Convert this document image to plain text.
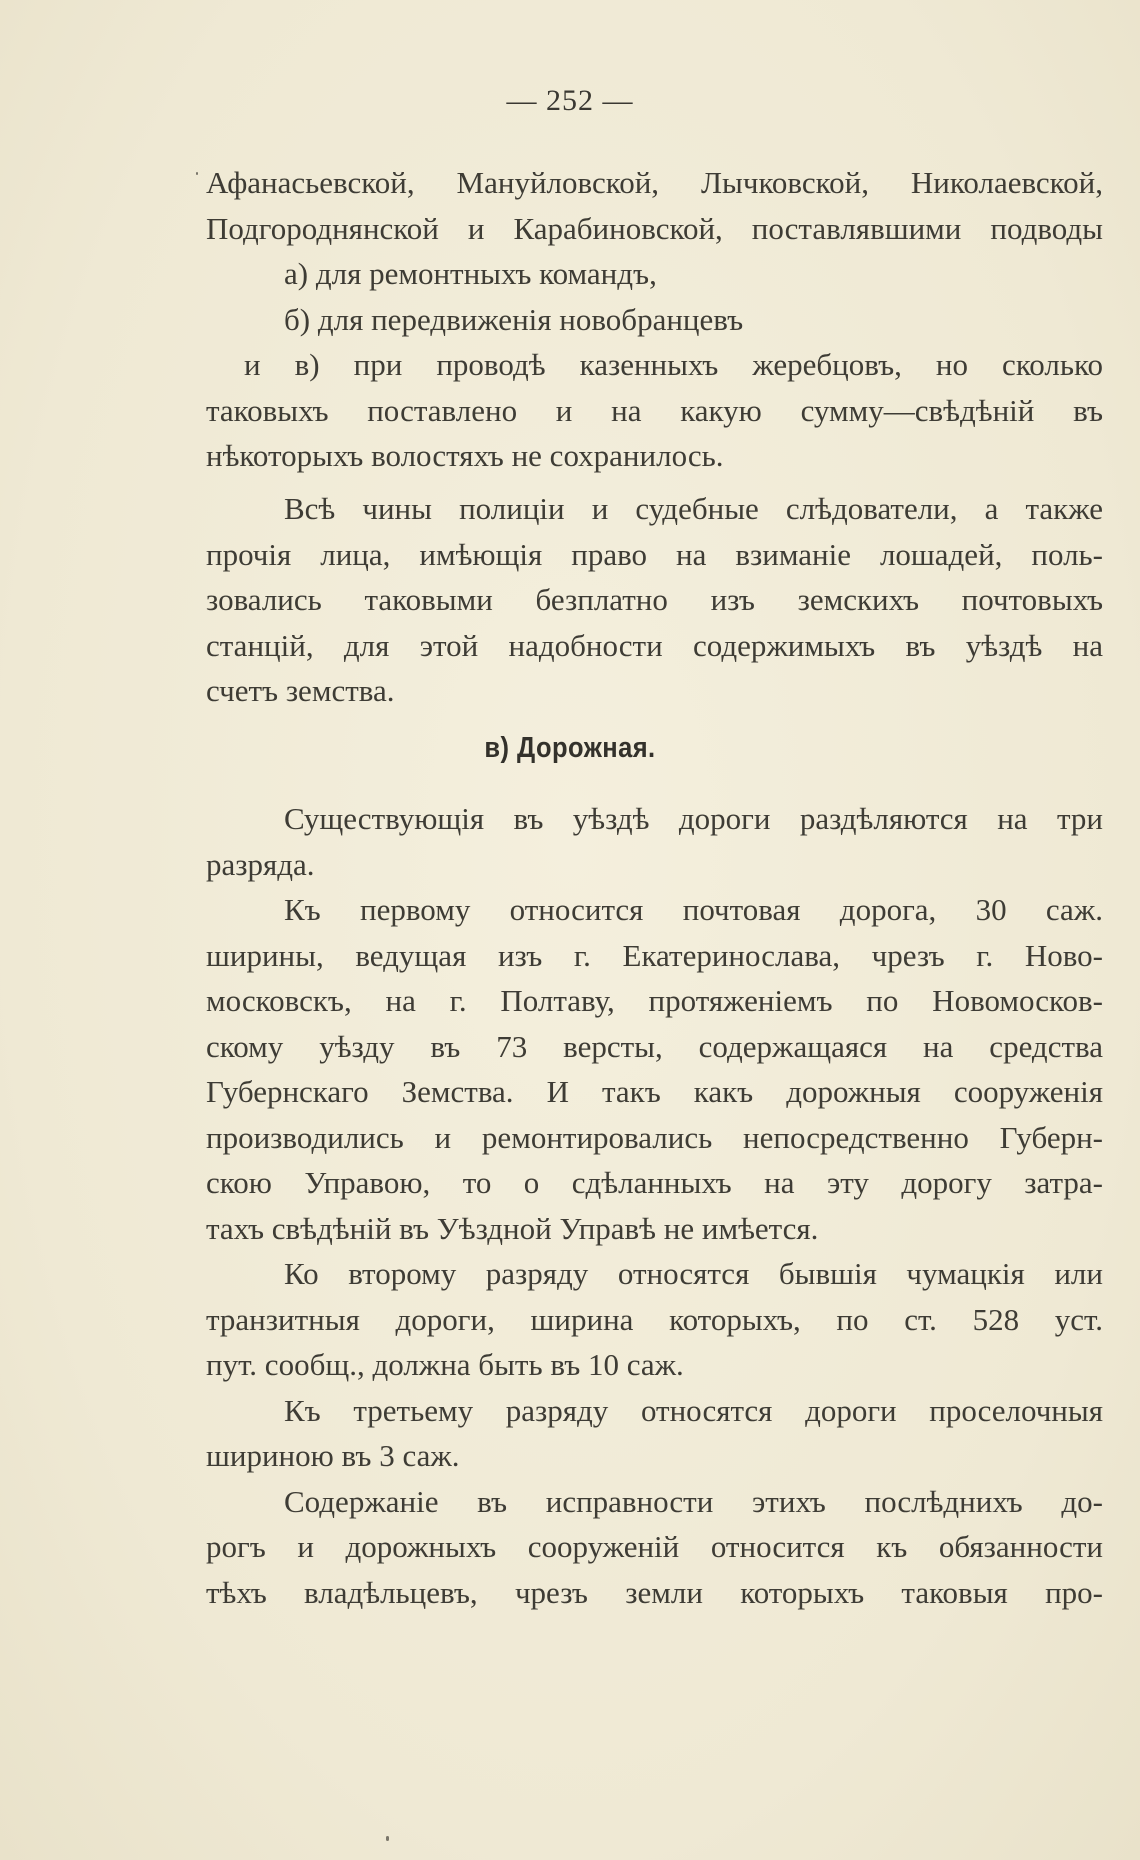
— 252 —
Афанасьевской, Мануйловской, Лычковской, Николаевской,
Подгороднянской и Карабиновской, поставлявшими подводы
а) для ремонтныхъ командъ,
б) для передвиженія новобранцевъ
и в) при проводѣ казенныхъ жеребцовъ, но сколько
таковыхъ поставлено и на какую сумму—свѣдѣній въ
нѣкоторыхъ волостяхъ не сохранилось.
Всѣ чины полиціи и судебные слѣдователи, а также
прочія лица, имѣющія право на взиманіе лошадей, поль-
зовались таковыми безплатно изъ земскихъ почтовыхъ
станцій, для этой надобности содержимыхъ въ уѣздѣ на
счетъ земства.
в) Дорожная.
Существующія въ уѣздѣ дороги раздѣляются на три
разряда.
Къ первому относится почтовая дорога, 30 саж.
ширины, ведущая изъ г. Екатеринослава, чрезъ г. Ново-
московскъ, на г. Полтаву, протяженіемъ по Новомосков-
скому уѣзду въ 73 версты, содержащаяся на средства
Губернскаго Земства. И такъ какъ дорожныя сооруженія
производились и ремонтировались непосредственно Губерн-
скою Управою, то о сдѣланныхъ на эту дорогу затра-
тахъ свѣдѣній въ Уѣздной Управѣ не имѣется.
Ко второму разряду относятся бывшія чумацкія или
транзитныя дороги, ширина которыхъ, по ст. 528 уст.
пут. сообщ., должна быть въ 10 саж.
Къ третьему разряду относятся дороги проселочныя
шириною въ 3 саж.
Содержаніе въ исправности этихъ послѣднихъ до-
рогъ и дорожныхъ сооруженій относится къ обязанности
тѣхъ владѣльцевъ, чрезъ земли которыхъ таковыя про-
